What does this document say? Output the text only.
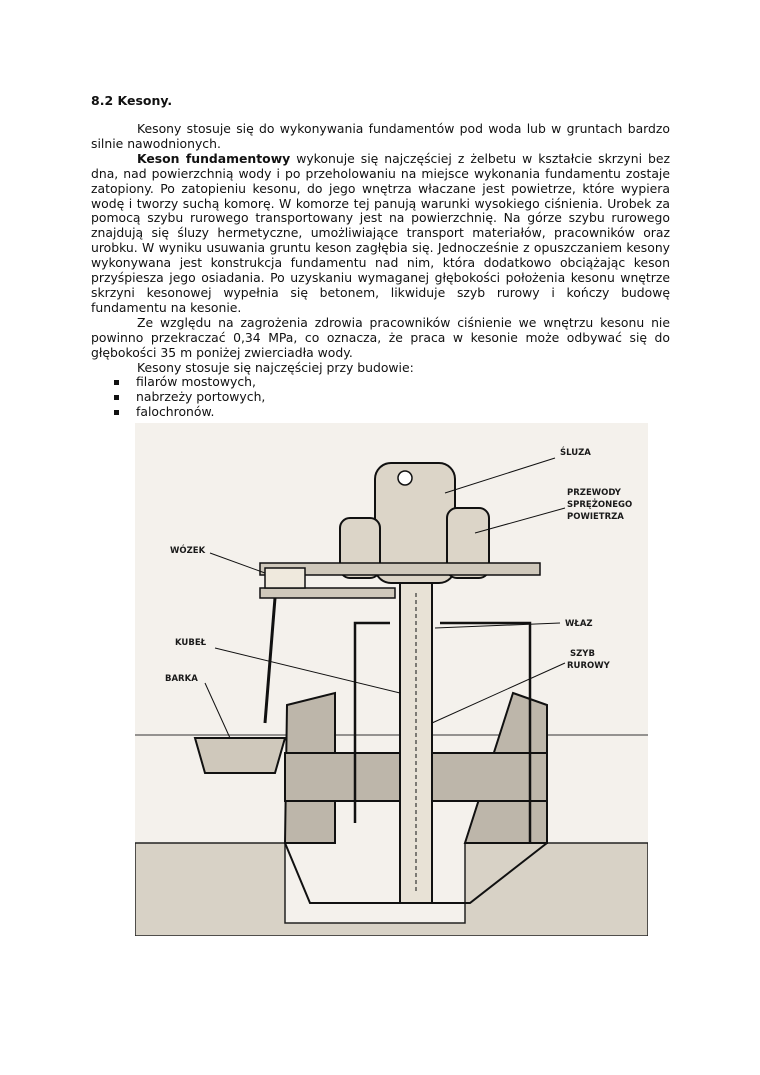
8.2 Kesony.

Kesony stosuje się do wykonywania fundamentów pod woda lub w gruntach bardzo silnie nawodnionych.

Keson fundamentowy wykonuje się najczęściej z żelbetu w kształcie skrzyni bez dna, nad powierzchnią wody i po przeholowaniu na miejsce wykonania fundamentu zostaje zatopiony. Po zatopieniu kesonu, do jego wnętrza właczane jest powietrze, które wypiera wodę i tworzy suchą komorę. W komorze tej panują warunki wysokiego ciśnienia. Urobek za pomocą szybu rurowego transportowany jest na powierzchnię. Na górze szybu rurowego znajdują się śluzy hermetyczne, umożliwiające transport materiałów, pracowników oraz urobku. W wyniku usuwania gruntu keson zagłębia się. Jednocześnie z opuszczaniem kesony wykonywana jest konstrukcja fundamentu nad nim, która dodatkowo obciążając keson przyśpiesza jego osiadania. Po uzyskaniu wymaganej głębokości położenia kesonu wnętrze skrzyni kesonowej wypełnia się betonem, likwiduje szyb rurowy i kończy budowę fundamentu na kesonie.

Ze względu na zagrożenia zdrowia pracowników ciśnienie we wnętrzu kesonu nie powinno przekraczać 0,34 MPa, co oznacza, że praca w kesonie może odbywać się do głębokości 35 m poniżej zwierciadła wody.

Kesony stosuje się najczęściej przy budowie:

filarów mostowych,
nabrzeży portowych,
falochronów.
ŚLUZA
PRZEWODY
SPRĘŻONEGO
POWIETRZA
WÓZEK
KUBEŁ
BARKA
WŁAZ
SZYB
RUROWY
